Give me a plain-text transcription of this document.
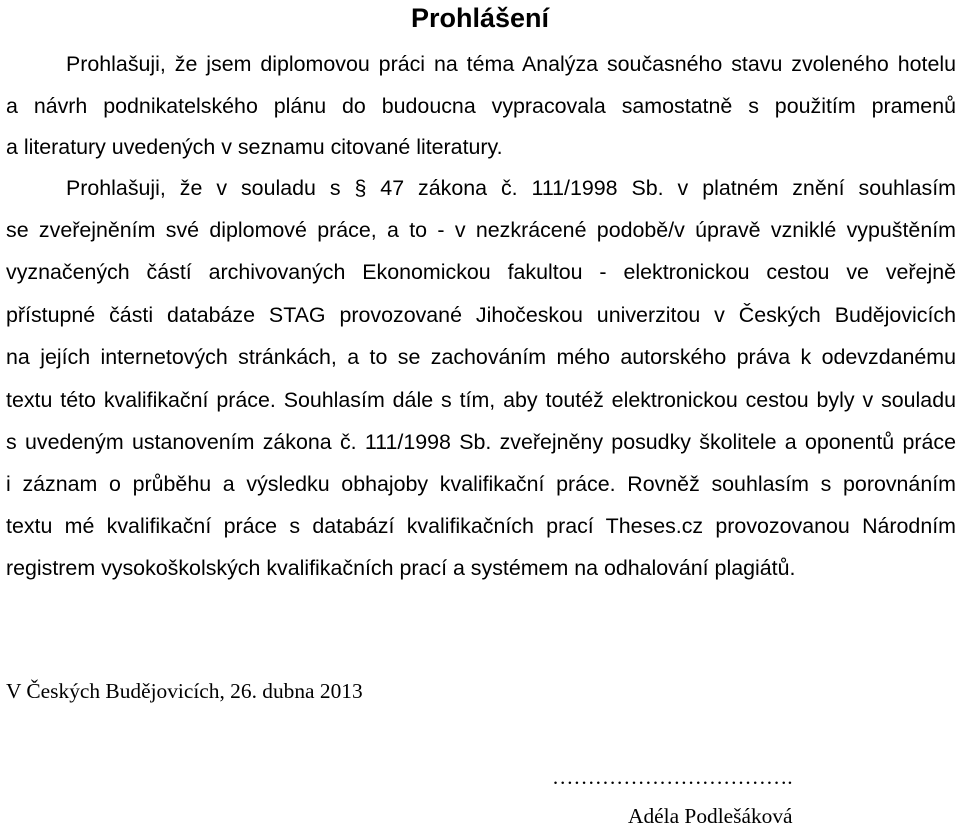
Prohlášení
Prohlašuji, že jsem diplomovou práci na téma Analýza současného stavu zvoleného hotelu
a návrh podnikatelského plánu do budoucna vypracovala samostatně s použitím pramenů
a literatury uvedených v seznamu citované literatury.
Prohlašuji, že v souladu s § 47 zákona č. 111/1998 Sb. v platném znění souhlasím
se zveřejněním své diplomové práce, a to - v nezkrácené podobě/v úpravě vzniklé vypuštěním
vyznačených částí archivovaných Ekonomickou fakultou - elektronickou cestou ve veřejně
přístupné části databáze STAG provozované Jihočeskou univerzitou v Českých Budějovicích
na jejích internetových stránkách, a to se zachováním mého autorského práva k odevzdanému
textu této kvalifikační práce. Souhlasím dále s tím, aby toutéž elektronickou cestou byly v souladu
s uvedeným ustanovením zákona č. 111/1998 Sb. zveřejněny posudky školitele a oponentů práce
i záznam o průběhu a výsledku obhajoby kvalifikační práce. Rovněž souhlasím s porovnáním
textu mé kvalifikační práce s databází kvalifikačních prací Theses.cz provozovanou Národním
registrem vysokoškolských kvalifikačních prací a systémem na odhalování plagiátů.
V Českých Budějovicích, 26. dubna 2013
…………………………….
Adéla Podlešáková
